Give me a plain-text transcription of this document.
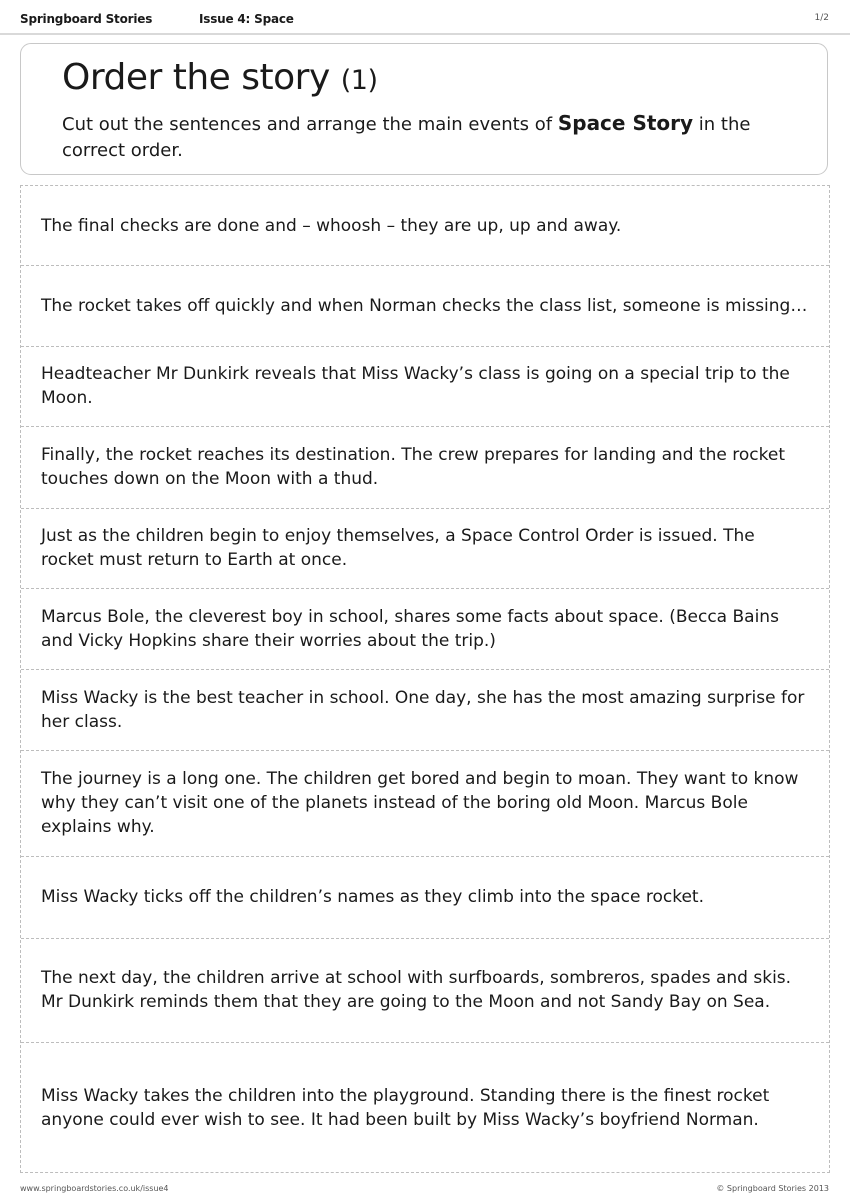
Springboard Stories	Issue 4: Space	1/2
Order the story (1)
Cut out the sentences and arrange the main events of Space Story in the correct order.
The final checks are done and – whoosh – they are up, up and away.
The rocket takes off quickly and when Norman checks the class list, someone is missing…
Headteacher Mr Dunkirk reveals that Miss Wacky’s class is going on a special trip to the Moon.
Finally, the rocket reaches its destination. The crew prepares for landing and the rocket touches down on the Moon with a thud.
Just as the children begin to enjoy themselves, a Space Control Order is issued. The rocket must return to Earth at once.
Marcus Bole, the cleverest boy in school, shares some facts about space. (Becca Bains and Vicky Hopkins share their worries about the trip.)
Miss Wacky is the best teacher in school. One day, she has the most amazing surprise for her class.
The journey is a long one. The children get bored and begin to moan. They want to know why they can’t visit one of the planets instead of the boring old Moon. Marcus Bole explains why.
Miss Wacky ticks off the children’s names as they climb into the space rocket.
The next day, the children arrive at school with surfboards, sombreros, spades and skis. Mr Dunkirk reminds them that they are going to the Moon and not Sandy Bay on Sea.
Miss Wacky takes the children into the playground. Standing there is the finest rocket anyone could ever wish to see. It had been built by Miss Wacky’s boyfriend Norman.
www.springboardstories.co.uk/issue4	© Springboard Stories 2013
